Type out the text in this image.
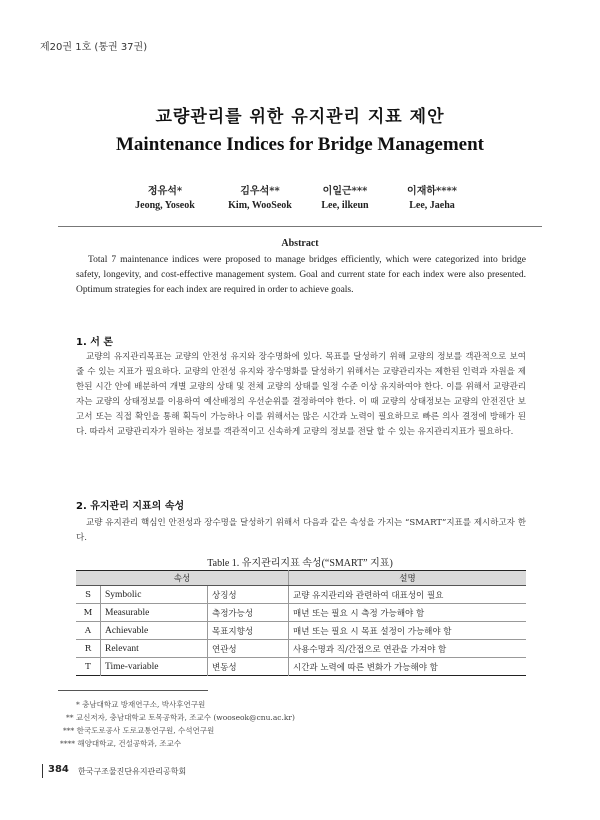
제20권 1호 (통권 37권)
교량관리를 위한 유지관리 지표 제안
Maintenance Indices for Bridge Management
정유석*
Jeong, Yoseok
김우석**
Kim, WooSeok
이일근***
Lee, ilkeun
이재하****
Lee, Jaeha
Abstract
Total 7 maintenance indices were proposed to manage bridges efficiently, which were categorized into bridge safety, longevity, and cost-effective management system. Goal and current state for each index were also presented. Optimum strategies for each index are required in order to achieve goals.
1. 서 론
교량의 유지관리목표는 교량의 안전성 유지와 장수명화에 있다. 목표를 달성하기 위해 교량의 정보를 객관적으로 보여줄 수 있는 지표가 필요하다. 교량의 안전성 유지와 장수명화를 달성하기 위해서는 교량관리자는 제한된 인력과 자원을 제한된 시간 안에 배분하여 개별 교량의 상태 및 전체 교량의 상태를 일정 수준 이상 유지하여야 한다. 이를 위해서 교량관리자는 교량의 상태정보를 이용하여 예산배정의 우선순위를 결정하여야 한다. 이 때 교량의 상태정보는 교량의 안전진단 보고서 또는 직접 확인을 통해 획득이 가능하나 이를 위해서는 많은 시간과 노력이 필요하므로 빠른 의사 결정에 방해가 된다. 따라서 교량관리자가 원하는 정보를 객관적이고 신속하게 교량의 정보를 전달 할 수 있는 유지관리지표가 필요하다.
2. 유지관리 지표의 속성
교량 유지관리 핵심인 안전성과 장수명을 달성하기 위해서 다음과 같은 속성을 가지는 “SMART”지표를 제시하고자 한다.
Table 1. 유지관리지표 속성(“SMART” 지표)
속성			설명
S	Symbolic	상징성	교량 유지관리와 관련하여 대표성이 필요
M	Measurable	측정가능성	매년 또는 필요 시 측정 가능해야 함
A	Achievable	목표지향성	매년 또는 필요 시 목표 설정이 가능해야 함
R	Relevant	연관성	사용수명과 직/간접으로 연관을 가져야 함
T	Time-variable	변동성	시간과 노력에 따른 변화가 가능해야 함
* 충남대학교 방재연구소, 박사후연구원
** 교신저자, 충남대학교 토목공학과, 조교수 (wooseok@cnu.ac.kr)
*** 한국도로공사 도로교통연구원, 수석연구원
**** 해양대학교, 건설공학과, 조교수
384 한국구조물진단유지관리공학회
